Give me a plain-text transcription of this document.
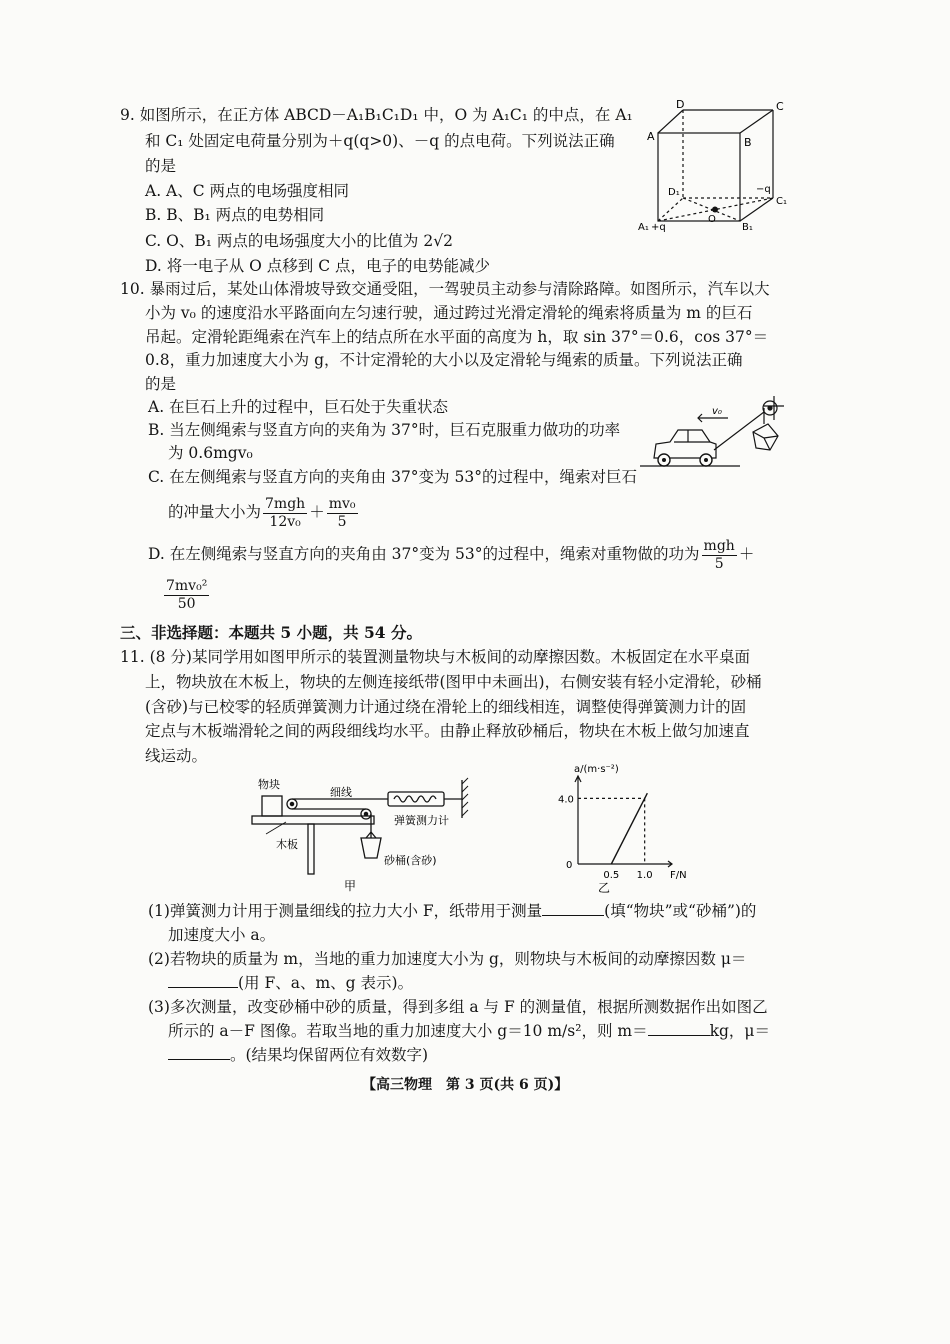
9. 如图所示，在正方体 ABCD－A₁B₁C₁D₁ 中，O 为 A₁C₁ 的中点，在 A₁
和 C₁ 处固定电荷量分别为＋q(q>0)、－q 的点电荷。下列说法正确
的是
A. A、C 两点的电场强度相同
B. B、B₁ 两点的电势相同
C. O、B₁ 两点的电场强度大小的比值为 2√2
D. 将一电子从 O 点移到 C 点，电子的电势能减少
D	C
A	B
D₁	−q
C₁
A₁ +q
O
B₁
10. 暴雨过后，某处山体滑坡导致交通受阻，一驾驶员主动参与清除路障。如图所示，汽车以大
小为 v₀ 的速度沿水平路面向左匀速行驶，通过跨过光滑定滑轮的绳索将质量为 m 的巨石
吊起。定滑轮距绳索在汽车上的结点所在水平面的高度为 h，取 sin 37°＝0.6，cos 37°＝
0.8，重力加速度大小为 g，不计定滑轮的大小以及定滑轮与绳索的质量。下列说法正确
的是
A. 在巨石上升的过程中，巨石处于失重状态
B. 当左侧绳索与竖直方向的夹角为 37°时，巨石克服重力做功的功率
为 0.6mgv₀
C. 在左侧绳索与竖直方向的夹角由 37°变为 53°的过程中，绳索对巨石
的冲量大小为 $\frac{\text{7mgh}}{\text{12v₀}} + \frac{\text{mv₀}}{5}$
D. 在左侧绳索与竖直方向的夹角由 37°变为 53°的过程中，绳索对重物做的功为 $\frac{\text{mgh}}{5}$ ＋
$\frac{\text{7mv₀²}}{50}$
v₀
三、非选择题：本题共 5 小题，共 54 分。
11. (8 分)某同学用如图甲所示的装置测量物块与木板间的动摩擦因数。木板固定在水平桌面
上，物块放在木板上，物块的左侧连接纸带(图甲中未画出)，右侧安装有轻小定滑轮，砂桶
(含砂)与已校零的轻质弹簧测力计通过绕在滑轮上的细线相连，调整使得弹簧测力计的固
定点与木板端滑轮之间的两段细线均水平。由静止释放砂桶后，物块在木板上做匀加速直
线运动。
物块
细线
弹簧测力计
木板
砂桶(含砂)
甲
a/(m·s⁻²)
F/N
4.0
0
0.5 1.0
乙
(1)弹簧测力计用于测量细线的拉力大小 F，纸带用于测量	(填“物块”或“砂桶”)的
加速度大小 a。
(2)若物块的质量为 m，当地的重力加速度大小为 g，则物块与木板间的动摩擦因数 μ＝
(用 F、a、m、g 表示)。
(3)多次测量，改变砂桶中砂的质量，得到多组 a 与 F 的测量值，根据所测数据作出如图乙
所示的 a－F 图像。若取当地的重力加速度大小 g＝10 m/s²，则 m＝	kg，μ＝
。(结果均保留两位有效数字)
【高三物理　第 3 页(共 6 页)】
